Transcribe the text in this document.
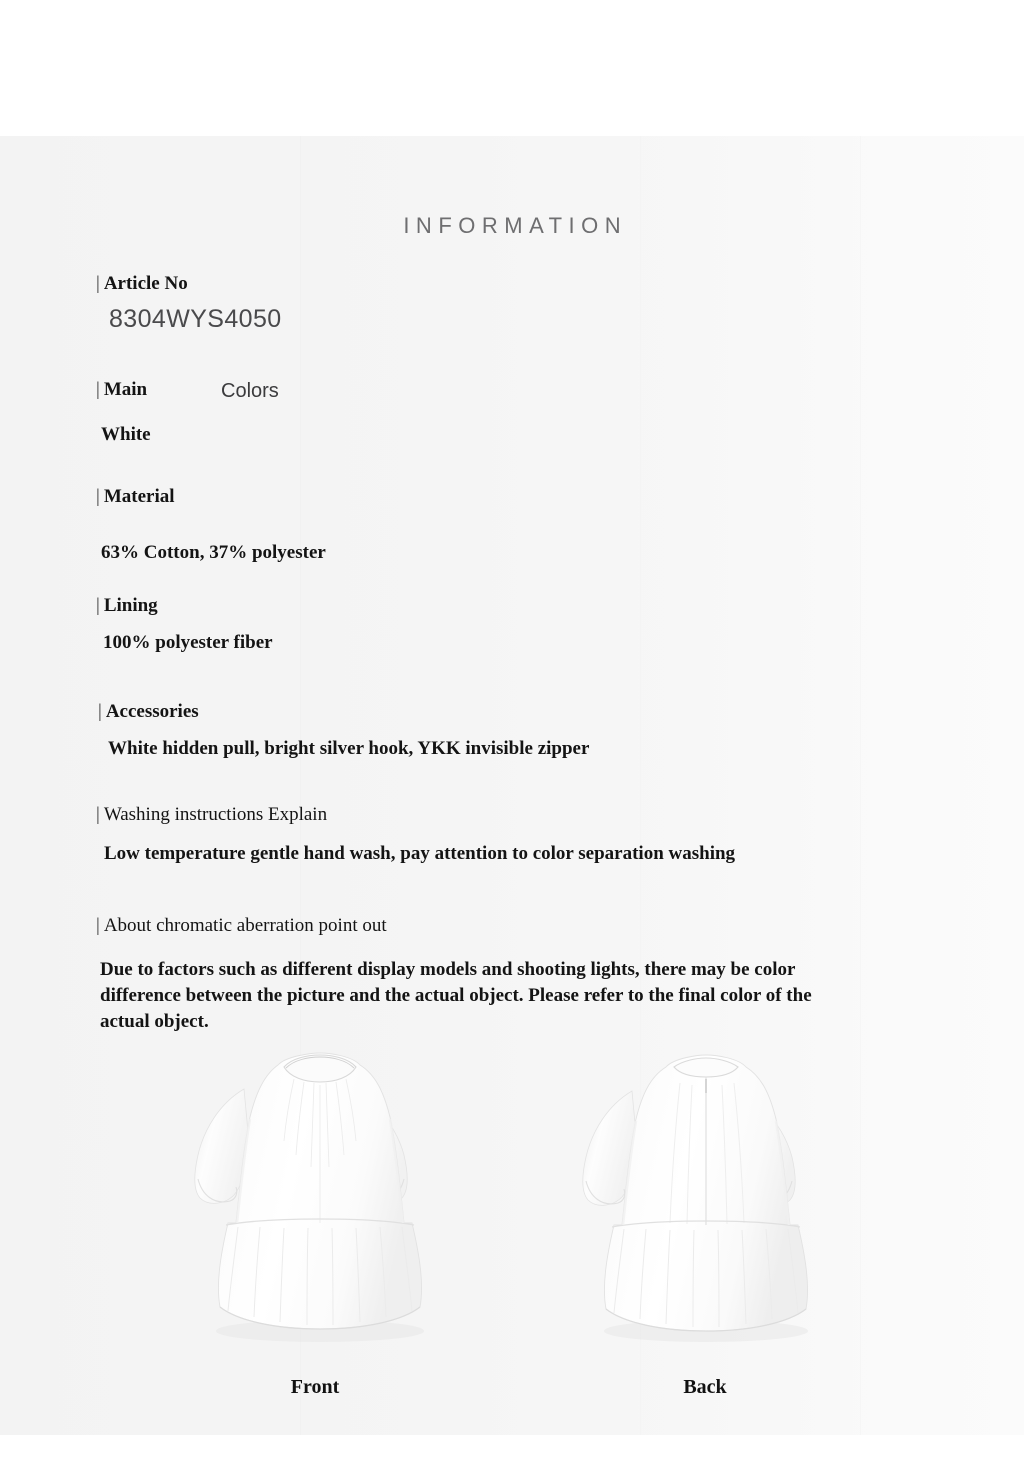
INFORMATION
| Article No
8304WYS4050
| Main	Colors
White
| Material
63% Cotton, 37% polyester
| Lining
100% polyester fiber
| Accessories
White hidden pull, bright silver hook, YKK invisible zipper
| Washing instructions Explain
Low temperature gentle hand wash, pay attention to color separation washing
| About chromatic aberration point out
Due to factors such as different display models and shooting lights, there may be color difference between the picture and the actual object. Please refer to the final color of the actual object.
Front	Back
